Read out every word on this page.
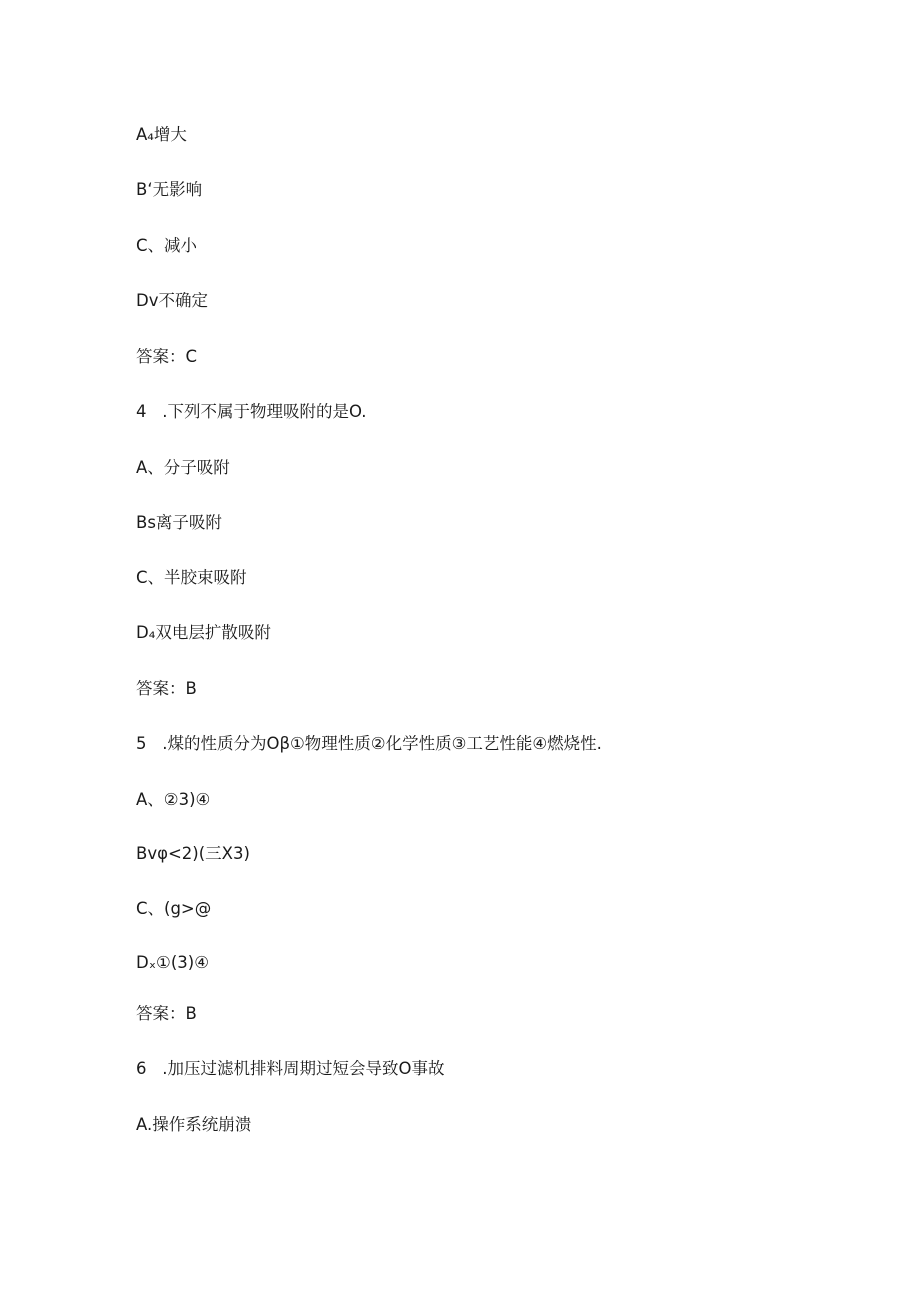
A₄增大
B‘无影响
C、减小
Dv不确定
答案：C
4   .下列不属于物理吸附的是O.
A、分子吸附
Bs离子吸附
C、半胶束吸附
D₄双电层扩散吸附
答案：B
5   .煤的性质分为Oβ①物理性质②化学性质③工艺性能④燃烧性.
A、②3)④
Bvφ<2)(三X3)
C、(g>@
Dₓ①(3)④
答案：B
6   .加压过滤机排料周期过短会导致O事故
A.操作系统崩溃
